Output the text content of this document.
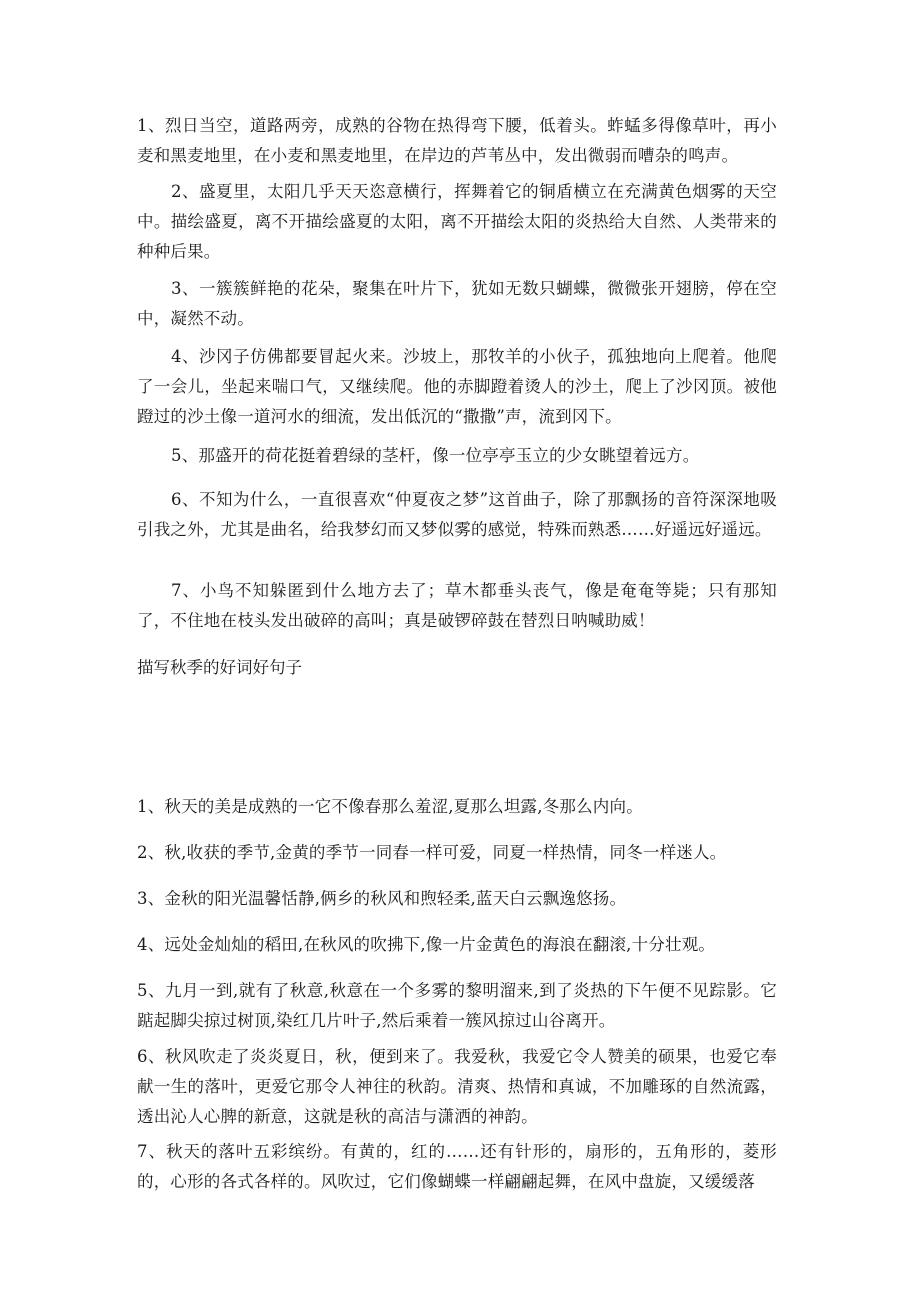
1、烈日当空，道路两旁，成熟的谷物在热得弯下腰，低着头。蚱蜢多得像草叶，再小麦和黑麦地里，在小麦和黑麦地里，在岸边的芦苇丛中，发出微弱而嘈杂的鸣声。

2、盛夏里，太阳几乎天天恣意横行，挥舞着它的铜盾横立在充满黄色烟雾的天空中。描绘盛夏，离不开描绘盛夏的太阳，离不开描绘太阳的炎热给大自然、人类带来的种种后果。

3、一簇簇鲜艳的花朵，聚集在叶片下，犹如无数只蝴蝶，微微张开翅膀，停在空中，凝然不动。

4、沙冈子仿佛都要冒起火来。沙坡上，那牧羊的小伙子，孤独地向上爬着。他爬了一会儿，坐起来喘口气，又继续爬。他的赤脚蹬着烫人的沙土，爬上了沙冈顶。被他蹬过的沙土像一道河水的细流，发出低沉的“撒撒”声，流到冈下。

5、那盛开的荷花挺着碧绿的茎杆，像一位亭亭玉立的少女眺望着远方。

6、不知为什么，一直很喜欢“仲夏夜之梦”这首曲子，除了那飘扬的音符深深地吸引我之外，尤其是曲名，给我梦幻而又梦似雾的感觉，特殊而熟悉……好遥远好遥远。

7、小鸟不知躲匿到什么地方去了；草木都垂头丧气，像是奄奄等毙；只有那知了，不住地在枝头发出破碎的高叫；真是破锣碎鼓在替烈日呐喊助威！

描写秋季的好词好句子

1、秋天的美是成熟的一它不像春那么羞涩,夏那么坦露,冬那么内向。

2、秋,收获的季节,金黄的季节一同春一样可爱，同夏一样热情，同冬一样迷人。

3、金秋的阳光温馨恬静,俩乡的秋风和煦轻柔,蓝天白云飘逸悠扬。

4、远处金灿灿的稻田,在秋风的吹拂下,像一片金黄色的海浪在翻滚,十分壮观。

5、九月一到,就有了秋意,秋意在一个多雾的黎明溜来,到了炎热的下午便不见踪影。它踮起脚尖掠过树顶,染红几片叶子,然后乘着一簇风掠过山谷离开。

6、秋风吹走了炎炎夏日，秋，便到来了。我爱秋，我爱它令人赞美的硕果，也爱它奉献一生的落叶，更爱它那令人神往的秋韵。清爽、热情和真诚，不加雕琢的自然流露，透出沁人心脾的新意，这就是秋的高洁与潇洒的神韵。

7、秋天的落叶五彩缤纷。有黄的，红的……还有针形的，扇形的，五角形的，菱形的，心形的各式各样的。风吹过，它们像蝴蝶一样翩翩起舞，在风中盘旋，又缓缓落
